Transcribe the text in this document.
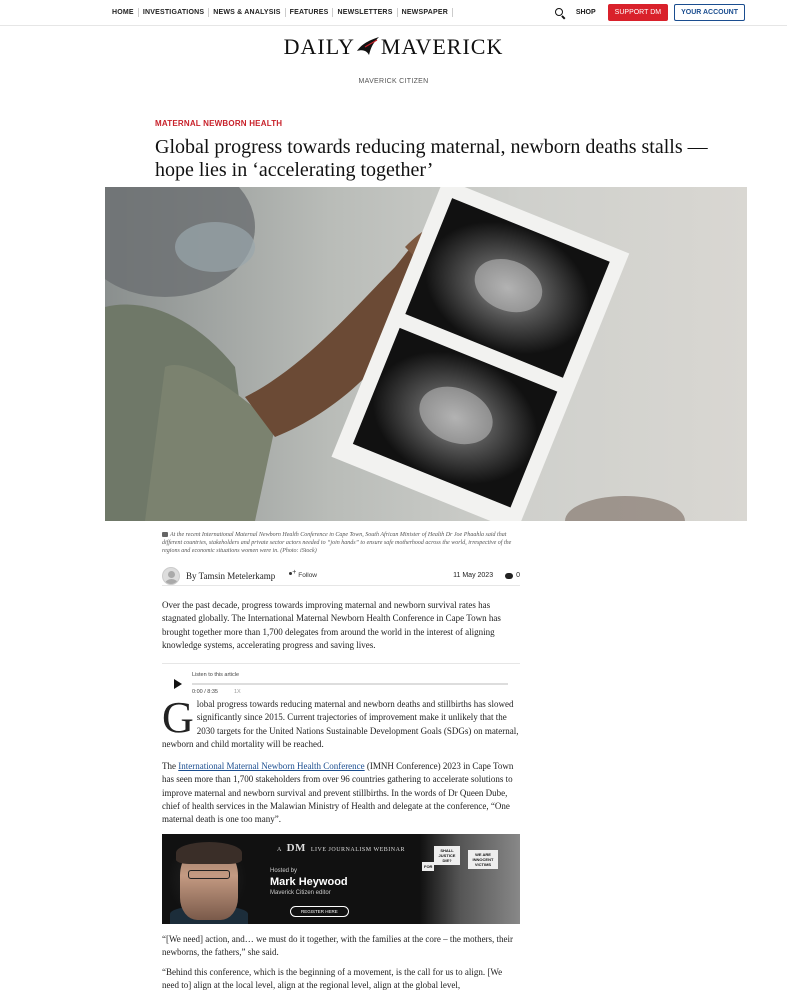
HOME	INVESTIGATIONS	NEWS & ANALYSIS	FEATURES	NEWSLETTERS	NEWSPAPER	SHOP	SUPPORT DM	YOUR ACCOUNT
DAILY MAVERICK
MAVERICK CITIZEN
MATERNAL NEWBORN HEALTH
Global progress towards reducing maternal, newborn deaths stalls — hope lies in ‘accelerating together’
At the recent International Maternal Newborn Health Conference in Cape Town, South African Minister of Health Dr Joe Phaahla said that different countries, stakeholders and private sector actors needed to “join hands” to ensure safe motherhood across the world, irrespective of the regions and economic situations women were in. (Photo: iStock)
By Tamsin Metelerkamp
+	Follow	11 May 2023	0

Over the past decade, progress towards improving maternal and newborn survival rates has stagnated globally. The International Maternal Newborn Health Conference in Cape Town has brought together more than 1,700 delegates from around the world in the interest of aligning knowledge systems, accelerating progress and saving lives.

Listen to this article
0:00 / 8:35	1X

Global progress towards reducing maternal and newborn deaths and stillbirths has slowed significantly since 2015. Current trajectories of improvement make it unlikely that the 2030 targets for the United Nations Sustainable Development Goals (SDGs) on maternal, newborn and child mortality will be reached.

The International Maternal Newborn Health Conference (IMNH Conference) 2023 in Cape Town has seen more than 1,700 stakeholders from over 96 countries gathering to accelerate solutions to improve maternal and newborn survival and prevent stillbirths. In the words of Dr Queen Dube, chief of health services in the Malawian Ministry of Health and delegate at the conference, “One maternal death is one too many”.

A DM LIVE JOURNALISM WEBINAR
Hosted by
Mark Heywood
Maverick Citizen editor
REGISTER HERE
SHALL JUSTICE DIE?
WE ARE INNOCENT VICTIMS
FOR

“[We need] action, and… we must do it together, with the families at the core – the mothers, their newborns, the fathers,” she said.

“Behind this conference, which is the beginning of a movement, is the call for us to align. [We need to] align at the local level, align at the regional level, align at the global level,
